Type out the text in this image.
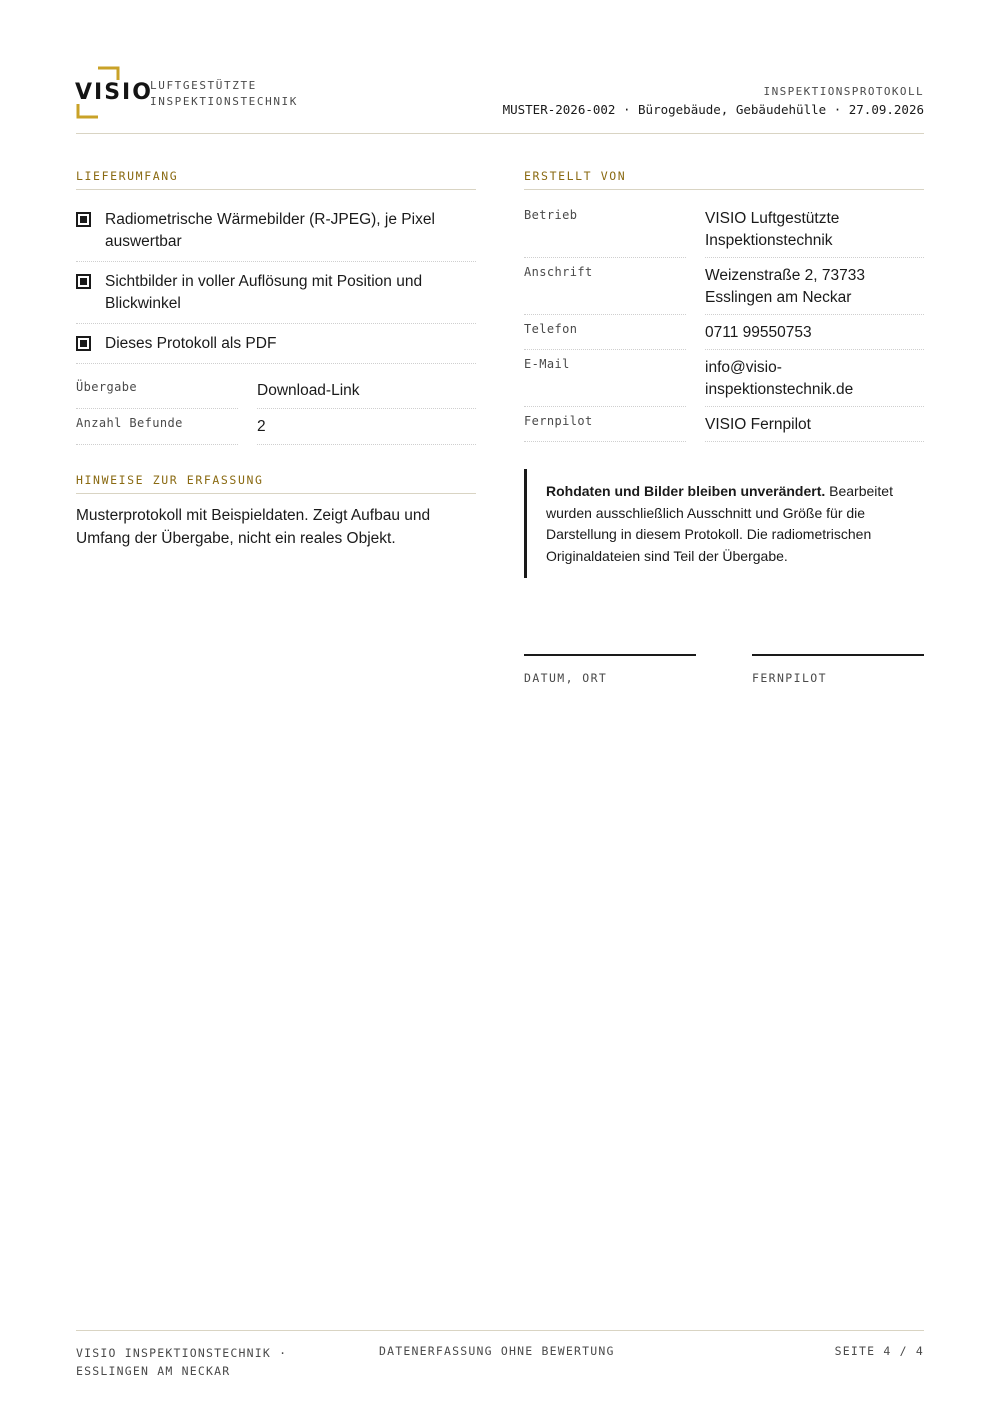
VISIO
LUFTGESTÜTZTE
INSPEKTIONSTECHNIK
INSPEKTIONSPROTOKOLL
MUSTER-2026-002 · Bürogebäude, Gebäudehülle · 27.09.2026
LIEFERUMFANG
Radiometrische Wärmebilder (R-JPEG), je Pixel auswertbar
Sichtbilder in voller Auflösung mit Position und Blickwinkel
Dieses Protokoll als PDF
Übergabe	Download-Link
Anzahl Befunde	2
ERSTELLT VON
Betrieb	VISIO Luftgestützte Inspektionstechnik
Anschrift	Weizenstraße 2, 73733 Esslingen am Neckar
Telefon	0711 99550753
E-Mail	info@visio-inspektionstechnik.de
Fernpilot	VISIO Fernpilot
HINWEISE ZUR ERFASSUNG
Musterprotokoll mit Beispieldaten. Zeigt Aufbau und Umfang der Übergabe, nicht ein reales Objekt.
Rohdaten und Bilder bleiben unverändert. Bearbeitet wurden ausschließlich Ausschnitt und Größe für die Darstellung in diesem Protokoll. Die radiometrischen Originaldateien sind Teil der Übergabe.
DATUM, ORT	FERNPILOT
VISIO INSPEKTIONSTECHNIK · ESSLINGEN AM NECKAR
DATENERFASSUNG OHNE BEWERTUNG	SEITE 4 / 4
